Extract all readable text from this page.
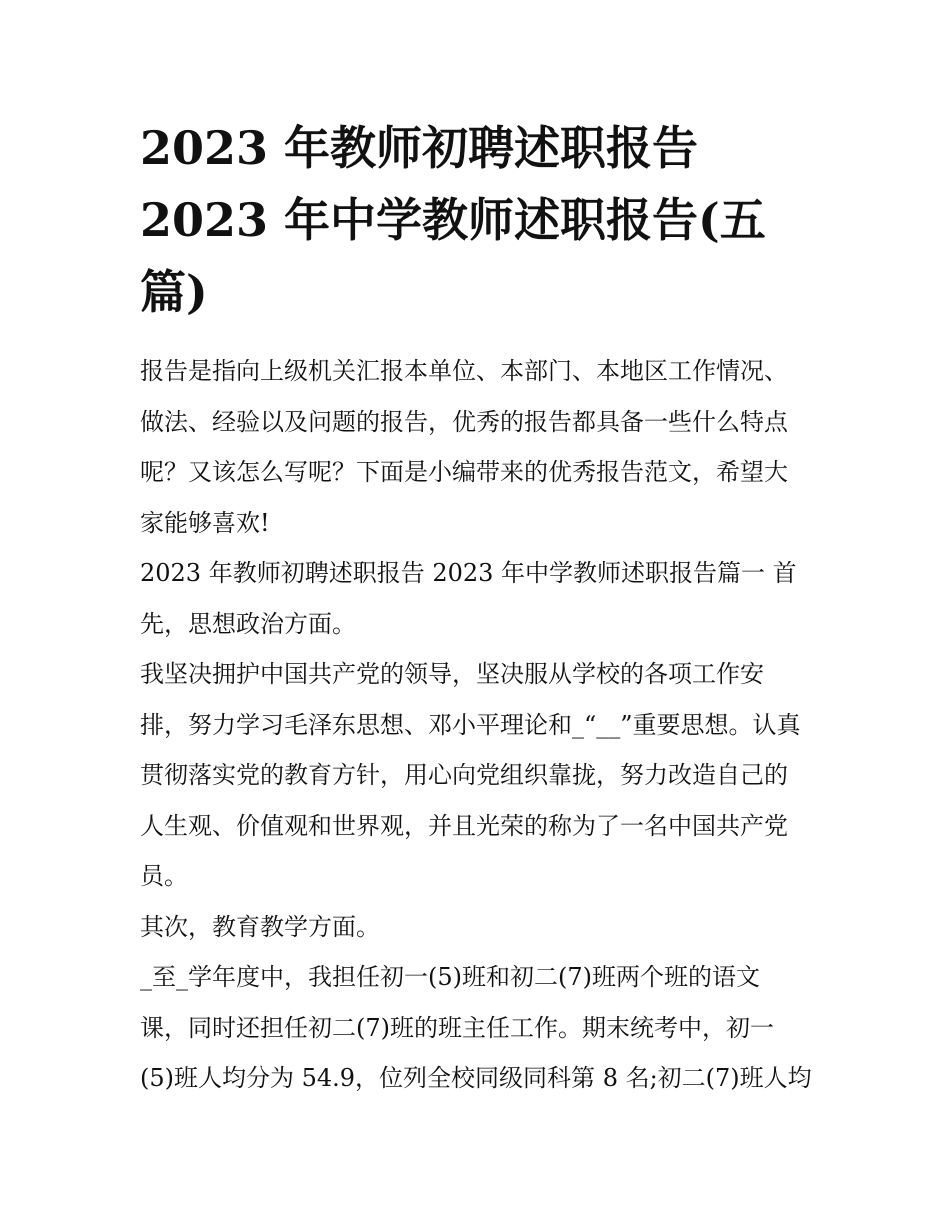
2023 年教师初聘述职报告
2023 年中学教师述职报告(五
篇)

报告是指向上级机关汇报本单位、本部门、本地区工作情况、
做法、经验以及问题的报告，优秀的报告都具备一些什么特点
呢？又该怎么写呢？下面是小编带来的优秀报告范文，希望大
家能够喜欢!

2023 年教师初聘述职报告 2023 年中学教师述职报告篇一 首
先，思想政治方面。

我坚决拥护中国共产党的领导，坚决服从学校的各项工作安
排，努力学习毛泽东思想、邓小平理论和_“__”重要思想。认真
贯彻落实党的教育方针，用心向党组织靠拢，努力改造自己的
人生观、价值观和世界观，并且光荣的称为了一名中国共产党
员。

其次，教育教学方面。

_至_学年度中，我担任初一(5)班和初二(7)班两个班的语文
课，同时还担任初二(7)班的班主任工作。期末统考中，初一
(5)班人均分为 54.9，位列全校同级同科第 8 名;初二(7)班人均
